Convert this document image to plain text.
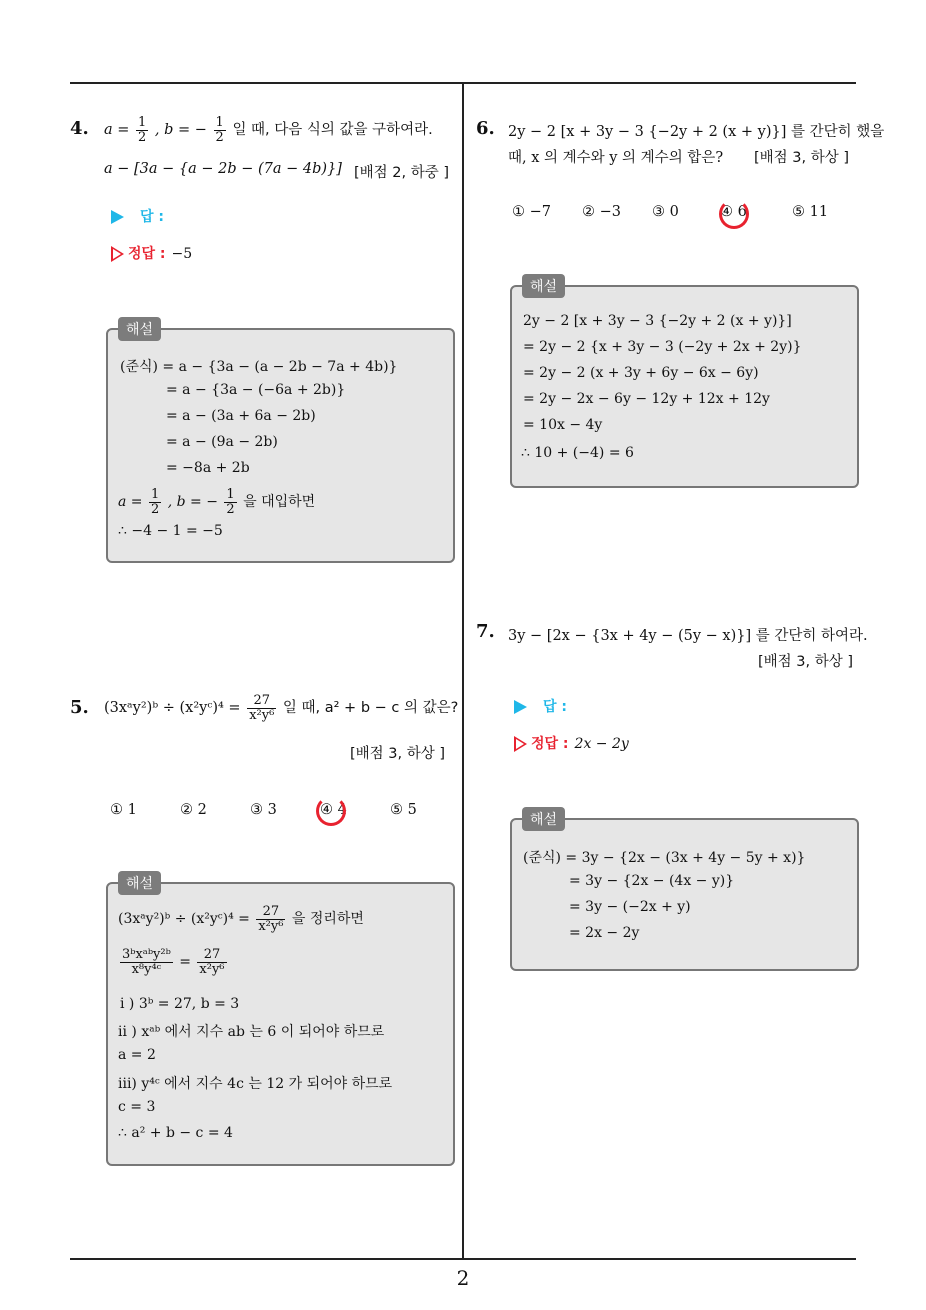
2
4. $a = \frac{1}{2}$ , b = − $\frac{1}{2}$ 일 때, 다음 식의 값을 구하여라.
a − [3a − {a − 2b − (7a − 4b)}] [배점 2, 하중 ]
답 :
정답 : −5
해설
(준식) = a − {3a − (a − 2b − 7a + 4b)}
= a − {3a − (−6a + 2b)}
= a − (3a + 6a − 2b)
= a − (9a − 2b)
= −8a + 2b
$a = \frac{1}{2}$ , b = − $\frac{1}{2}$ 을 대입하면
∴ −4 − 1 = −5
5. (3xᵃy²)ᵇ ÷ (x²yᶜ)⁴ = $\frac{27}{\text{x²y⁶}}$ 일 때, a² + b − c 의 값은?
[배점 3, 하상 ]
① 1	② 2	③ 3	④ 4	⑤ 5
해설
(3xᵃy²)ᵇ ÷ (x²yᶜ)⁴ = $\frac{27}{\text{x²y⁶}}$ 을 정리하면
$\frac{\text{3ᵇxᵃᵇy²ᵇ}}{\text{x⁸y⁴ᶜ}} = \frac{27}{\text{x²y⁶}}$
i ) 3ᵇ = 27, b = 3
ii ) xᵃᵇ 에서 지수 ab 는 6 이 되어야 하므로
a = 2
iii) y⁴ᶜ 에서 지수 4c 는 12 가 되어야 하므로
c = 3
∴ a² + b − c = 4
6. 2y − 2 [x + 3y − 3 {−2y + 2 (x + y)}] 를 간단히 했을
때, x 의 계수와 y 의 계수의 합은? [배점 3, 하상 ]
① −7 ② −3 ③ 0	④ 6	⑤ 11
해설
2y − 2 [x + 3y − 3 {−2y + 2 (x + y)}]
= 2y − 2 {x + 3y − 3 (−2y + 2x + 2y)}
= 2y − 2 (x + 3y + 6y − 6x − 6y)
= 2y − 2x − 6y − 12y + 12x + 12y
= 10x − 4y
∴ 10 + (−4) = 6
7. 3y − [2x − {3x + 4y − (5y − x)}] 를 간단히 하여라.
[배점 3, 하상 ]
답 :
정답 : 2x − 2y
해설
(준식) = 3y − {2x − (3x + 4y − 5y + x)}
= 3y − {2x − (4x − y)}
= 3y − (−2x + y)
= 2x − 2y
